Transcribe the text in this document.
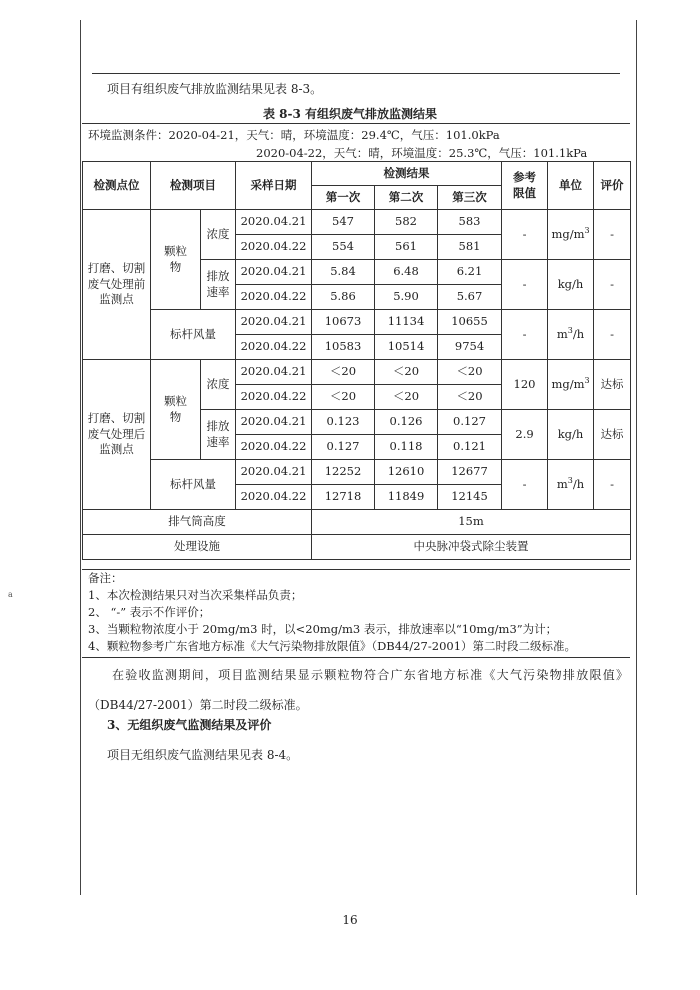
项目有组织废气排放监测结果见表 8-3。
表 8-3 有组织废气排放监测结果
环境监测条件：2020-04-21，天气：晴，环境温度：29.4℃，气压：101.0kPa
2020-04-22，天气：晴，环境温度：25.3℃，气压：101.1kPa
检测点位	检测项目		采样日期	检测结果			参考限值	单位	评价
				第一次	第二次	第三次			
打磨、切割废气处理前监测点	颗粒物	浓度	2020.04.21	547	582	583	-	$mg/m^3$	-
			2020.04.22	554	561	581			
		排放速率	2020.04.21	5.84	6.48	6.21	-	kg/h	-
			2020.04.22	5.86	5.90	5.67			
	标杆风量		2020.04.21	10673	11134	10655	-	$m^3/h$	-
			2020.04.22	10583	10514	9754			
打磨、切割废气处理后监测点	颗粒物	浓度	2020.04.21	＜20	＜20	＜20	120	$mg/m^3$	达标
			2020.04.22	＜20	＜20	＜20			
		排放速率	2020.04.21	0.123	0.126	0.127	2.9	kg/h	达标
			2020.04.22	0.127	0.118	0.121			
	标杆风量		2020.04.21	12252	12610	12677	-	$m^3/h$	-
			2020.04.22	12718	11849	12145			
排气筒高度				15m					
处理设施				中央脉冲袋式除尘装置					
备注：
1、本次检测结果只对当次采集样品负责；
2、 “-” 表示不作评价；
3、当颗粒物浓度小于 20mg/m3 时，以<20mg/m3 表示，排放速率以“10mg/m3”为计；
4、颗粒物参考广东省地方标准《大气污染物排放限值》（DB44/27-2001）第二时段二级标准。
在验收监测期间，项目监测结果显示颗粒物符合广东省地方标准《大气污染物排放限值》（DB44/27-2001）第二时段二级标准。
3、无组织废气监测结果及评价
项目无组织废气监测结果见表 8-4。
a
16
